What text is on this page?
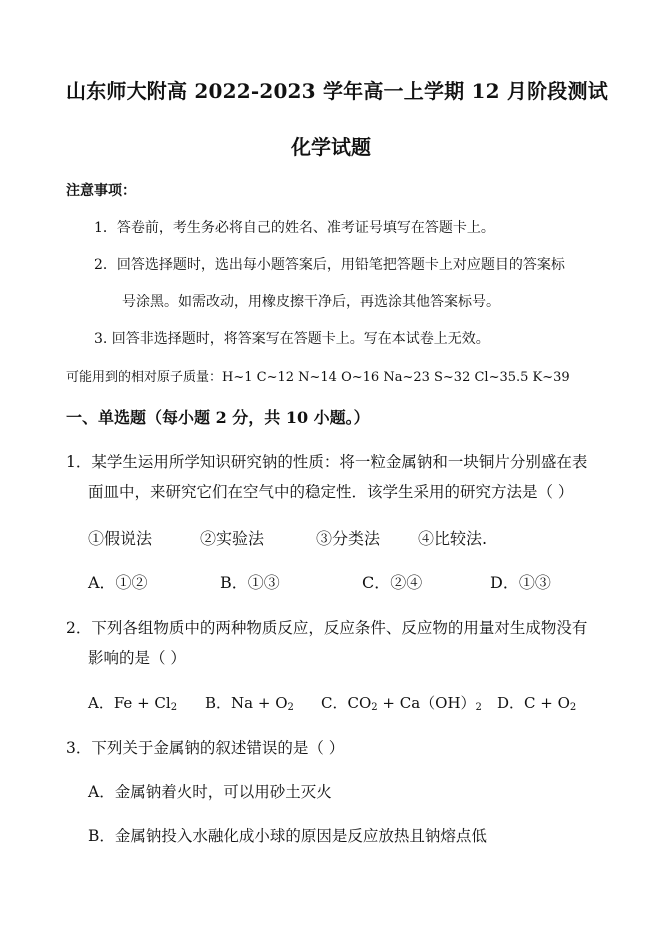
山东师大附高 2022-2023 学年高一上学期 12 月阶段测试
化学试题
注意事项：
1．答卷前，考生务必将自己的姓名、准考证号填写在答题卡上。
2．回答选择题时，选出每小题答案后，用铅笔把答题卡上对应题目的答案标
号涂黑。如需改动，用橡皮擦干净后，再选涂其他答案标号。
3. 回答非选择题时，将答案写在答题卡上。写在本试卷上无效。
可能用到的相对原子质量：H~1 C~12 N~14 O~16 Na~23 S~32 Cl~35.5 K~39
一、单选题（每小题 2 分，共 10 小题。）
1．某学生运用所学知识研究钠的性质：将一粒金属钠和一块铜片分别盛在表
面皿中，来研究它们在空气中的稳定性．该学生采用的研究方法是（ ）
①假说法	②实验法	③分类法 ④比较法.
A．①②	B．①③	C．②④	D．①③
2．下列各组物质中的两种物质反应，反应条件、反应物的用量对生成物没有
影响的是（ ）
A．$Fe + Cl_2$ B．$Na + O_2$ C．$CO_2 + Ca(OH)_2$ D．$C + O_2$
3．下列关于金属钠的叙述错误的是（ ）
A．金属钠着火时，可以用砂土灭火
B．金属钠投入水融化成小球的原因是反应放热且钠熔点低
